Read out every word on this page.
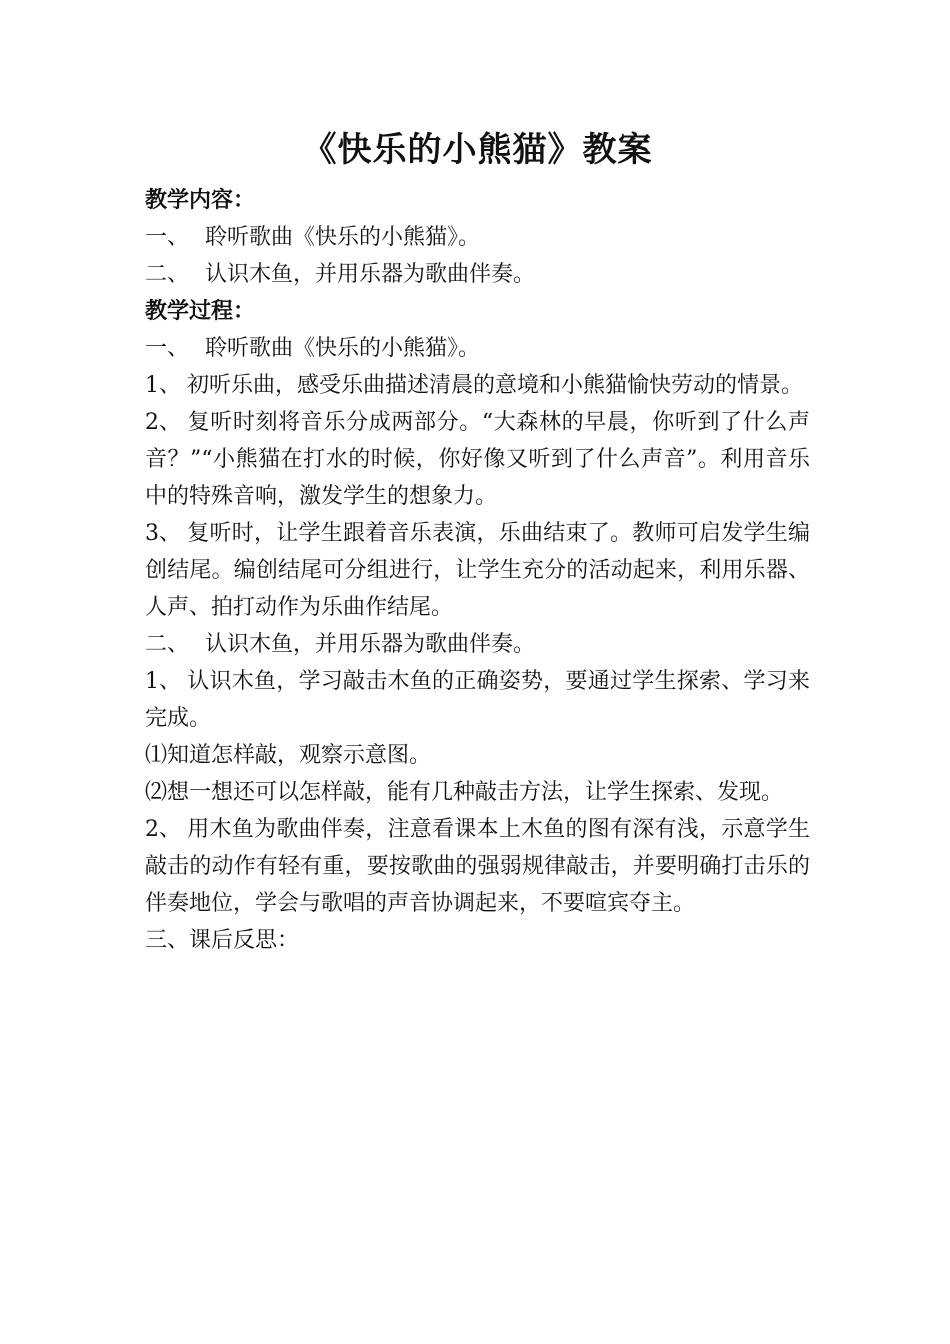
《快乐的小熊猫》教案
教学内容：
一、 聆听歌曲《快乐的小熊猫》。
二、 认识木鱼，并用乐器为歌曲伴奏。
教学过程：
一、 聆听歌曲《快乐的小熊猫》。
1、 初听乐曲，感受乐曲描述清晨的意境和小熊猫愉快劳动的情景。
2、 复听时刻将音乐分成两部分。“大森林的早晨，你听到了什么声音？”“小熊猫在打水的时候，你好像又听到了什么声音”。利用音乐中的特殊音响，激发学生的想象力。
3、 复听时，让学生跟着音乐表演，乐曲结束了。教师可启发学生编创结尾。编创结尾可分组进行，让学生充分的活动起来，利用乐器、人声、拍打动作为乐曲作结尾。
二、 认识木鱼，并用乐器为歌曲伴奏。
1、 认识木鱼，学习敲击木鱼的正确姿势，要通过学生探索、学习来完成。
⑴知道怎样敲，观察示意图。
⑵想一想还可以怎样敲，能有几种敲击方法，让学生探索、发现。
2、 用木鱼为歌曲伴奏，注意看课本上木鱼的图有深有浅，示意学生敲击的动作有轻有重，要按歌曲的强弱规律敲击，并要明确打击乐的伴奏地位，学会与歌唱的声音协调起来，不要喧宾夺主。
三、课后反思：
